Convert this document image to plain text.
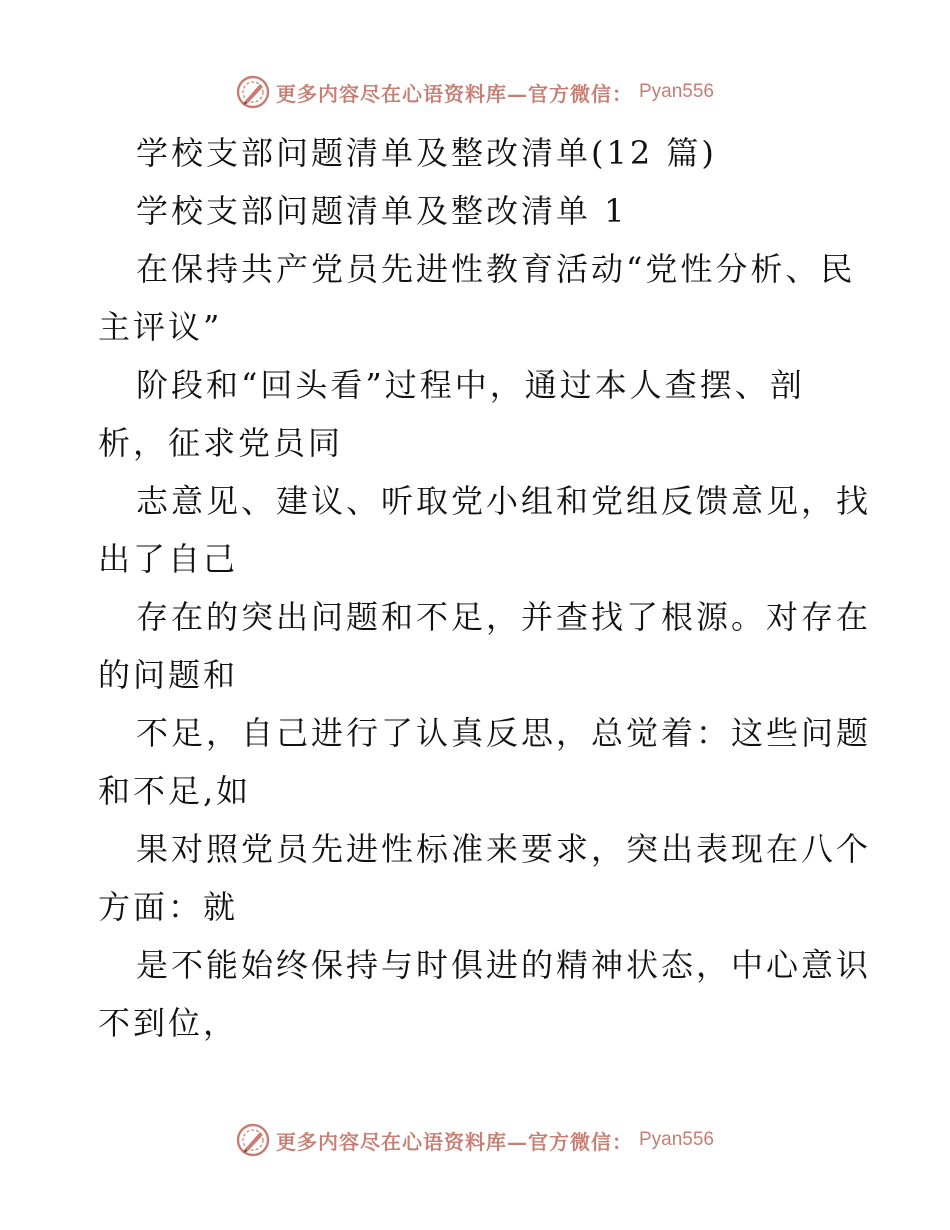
更多内容尽在心语资料库—官方微信： Pyan556

学校支部问题清单及整改清单(12 篇)

学校支部问题清单及整改清单 1

在保持共产党员先进性教育活动“党性分析、民

主评议”

阶段和“回头看”过程中，通过本人查摆、剖

析，征求党员同

志意见、建议、听取党小组和党组反馈意见，找

出了自己

存在的突出问题和不足，并查找了根源。对存在

的问题和

不足，自己进行了认真反思，总觉着：这些问题

和不足,如

果对照党员先进性标准来要求，突出表现在八个

方面：就

是不能始终保持与时俱进的精神状态，中心意识

不到位，

更多内容尽在心语资料库—官方微信： Pyan556
